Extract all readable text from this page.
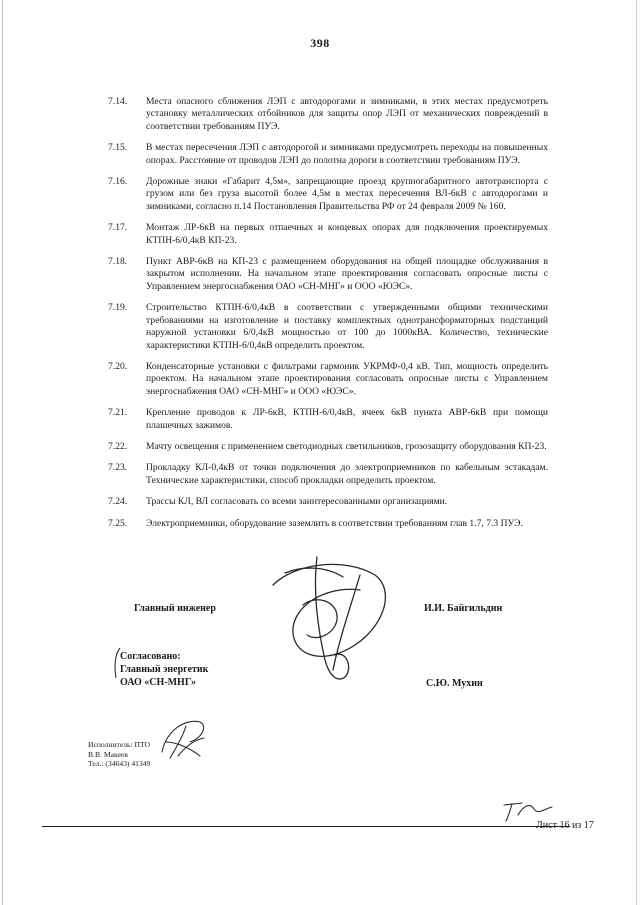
398
7.14.	Места опасного сближения ЛЭП с автодорогами и зимниками, в этих местах предусмотреть установку металлических отбойников для защиты опор ЛЭП от механических повреждений в соответствии требованиям ПУЭ.
7.15.	В местах пересечения ЛЭП с автодорогой и зимниками предусмотреть переходы на повышенных опорах. Расстояние от проводов ЛЭП до полотна дороги в соответствии требованиям ПУЭ.
7.16.	Дорожные знаки «Габарит 4,5м», запрещающие проезд крупногабаритного автотранспорта с грузом или без груза высотой более 4,5м в местах пересечения ВЛ-6кВ с автодорогами и зимниками, согласно п.14 Постановления Правительства РФ от 24 февраля 2009 № 160.
7.17.	Монтаж ЛР-6кВ на первых отпаечных и концевых опорах для подключения проектируемых КТПН-6/0,4кВ КП-23.
7.18.	Пункт АВР-6кВ на КП-23 с размещением оборудования на общей площадке обслуживания в закрытом исполнении. На начальном этапе проектирования согласовать опросные листы с Управлением энергоснабжения ОАО «СН-МНГ» и ООО «ЮЭС».
7.19.	Строительство КТПН-6/0,4кВ в соответствии с утвержденными общими техническими требованиями на изготовление и поставку комплектных однотрансформаторных подстанций наружной установки 6/0,4кВ мощностью от 100 до 1000кВА. Количество, технические характеристики КТПН-6/0,4кВ определить проектом.
7.20.	Конденсаторные установки с фильтрами гармоник УКРМФ-0,4 кВ. Тип, мощность определить проектом. На начальном этапе проектирования согласовать опросные листы с Управлением энергоснабжения ОАО «СН-МНГ» и ООО «ЮЭС».
7.21.	Крепление проводов к ЛР-6кВ, КТПН-6/0,4кВ, ячеек 6кВ пункта АВР-6кВ при помощи плашечных зажимов.
7.22.	Мачту освещения с применением светодиодных светильников, грозозащиту оборудования КП-23.
7.23.	Прокладку КЛ-0,4кВ от точки подключения до электроприемников по кабельным эстакадам. Технические характеристики, способ прокладки определить проектом.
7.24.	Трассы КЛ, ВЛ согласовать со всеми заинтересованными организациями.
7.25.	Электроприемники, оборудование заземлить в соответствии требованиям глав 1.7, 7.3 ПУЭ.
Главный инженер	И.И. Байгильдин
Согласовано:
Главный энергетик
ОАО «СН-МНГ»	С.Ю. Мухин
Исполнитель: ПТО
В.В. Макеев
Тел.: (34643) 41349
Лист 16 из 17
